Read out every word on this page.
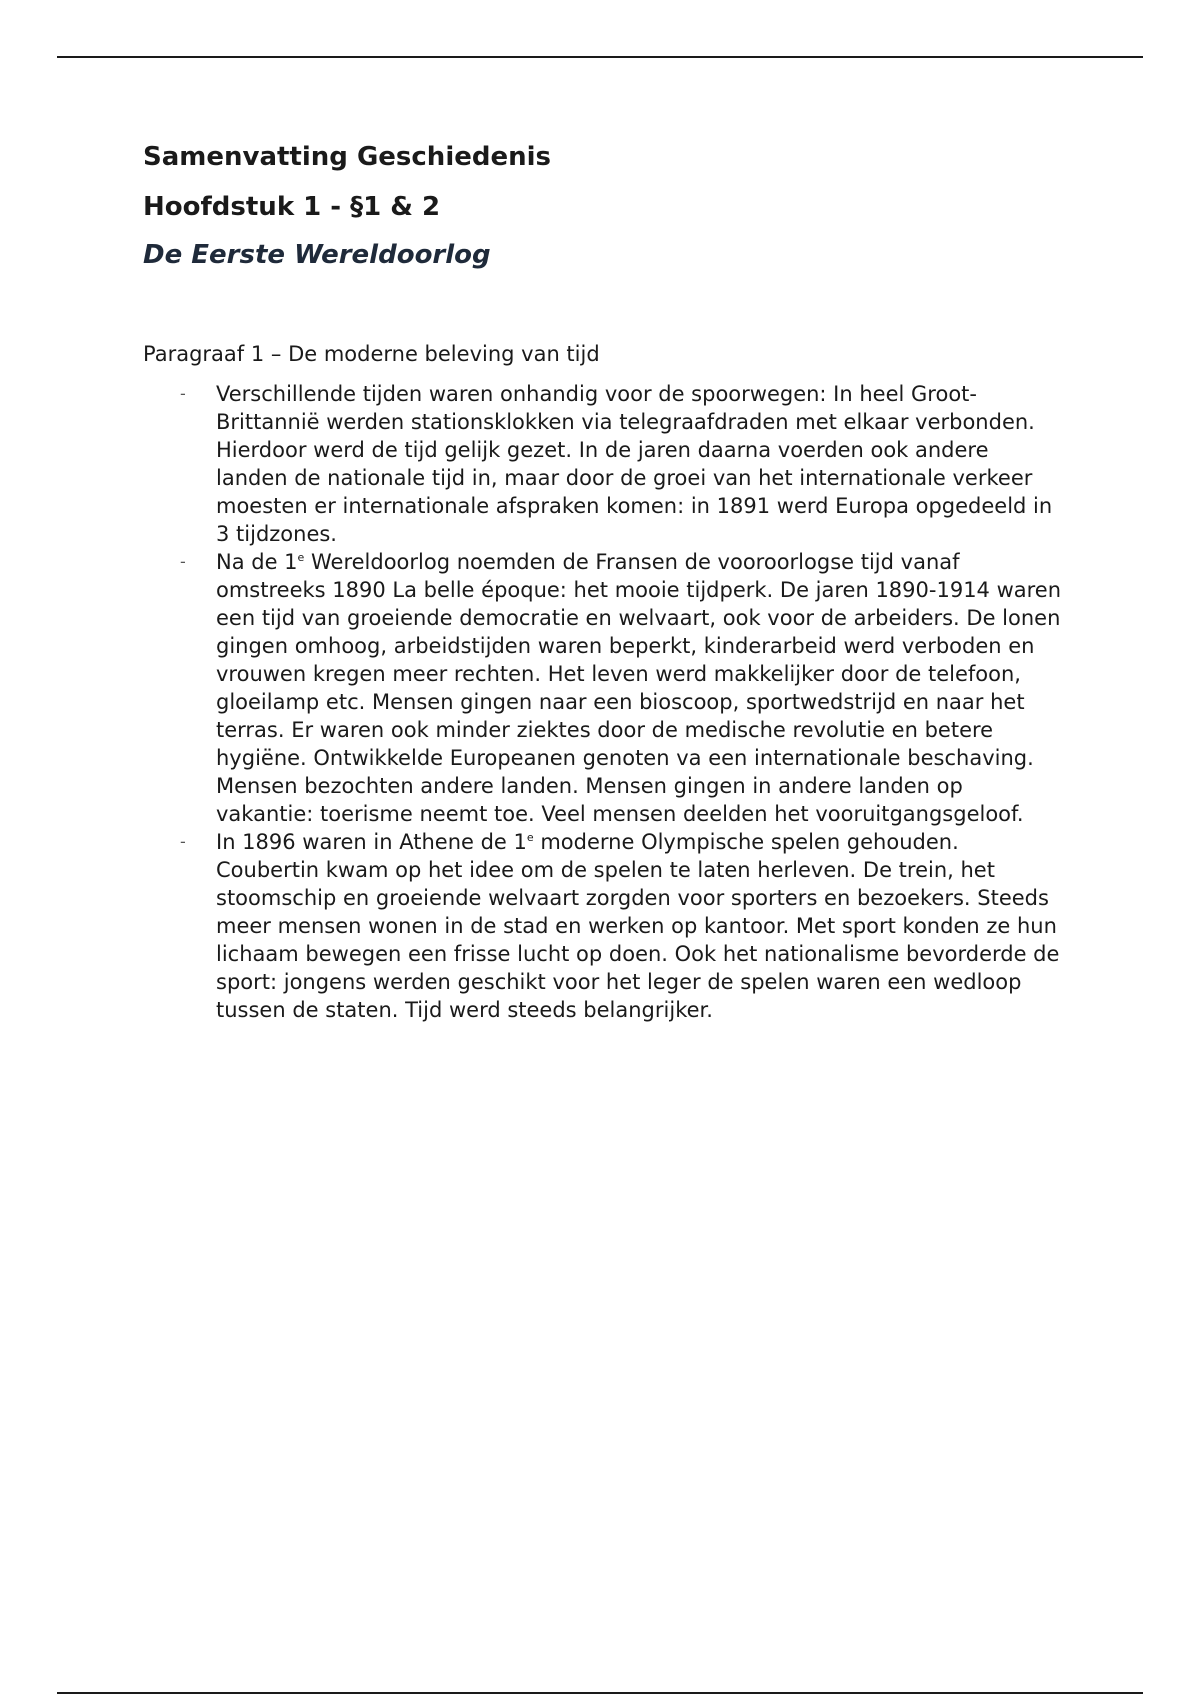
Samenvatting Geschiedenis
Hoofdstuk 1 - §1 & 2
De Eerste Wereldoorlog

Paragraaf 1 – De moderne beleving van tijd

- Verschillende tijden waren onhandig voor de spoorwegen: In heel Groot-Brittannië werden stationsklokken via telegraafdraden met elkaar verbonden. Hierdoor werd de tijd gelijk gezet. In de jaren daarna voerden ook andere landen de nationale tijd in, maar door de groei van het internationale verkeer moesten er internationale afspraken komen: in 1891 werd Europa opgedeeld in 3 tijdzones.
- Na de 1e Wereldoorlog noemden de Fransen de vooroorlogse tijd vanaf omstreeks 1890 La belle époque: het mooie tijdperk. De jaren 1890-1914 waren een tijd van groeiende democratie en welvaart, ook voor de arbeiders. De lonen gingen omhoog, arbeidstijden waren beperkt, kinderarbeid werd verboden en vrouwen kregen meer rechten. Het leven werd makkelijker door de telefoon, gloeilamp etc. Mensen gingen naar een bioscoop, sportwedstrijd en naar het terras. Er waren ook minder ziektes door de medische revolutie en betere hygiëne. Ontwikkelde Europeanen genoten va een internationale beschaving. Mensen bezochten andere landen. Mensen gingen in andere landen op vakantie: toerisme neemt toe. Veel mensen deelden het vooruitgangsgeloof.
- In 1896 waren in Athene de 1e moderne Olympische spelen gehouden. Coubertin kwam op het idee om de spelen te laten herleven. De trein, het stoomschip en groeiende welvaart zorgden voor sporters en bezoekers. Steeds meer mensen wonen in de stad en werken op kantoor. Met sport konden ze hun lichaam bewegen een frisse lucht op doen. Ook het nationalisme bevorderde de sport: jongens werden geschikt voor het leger de spelen waren een wedloop tussen de staten. Tijd werd steeds belangrijker.
